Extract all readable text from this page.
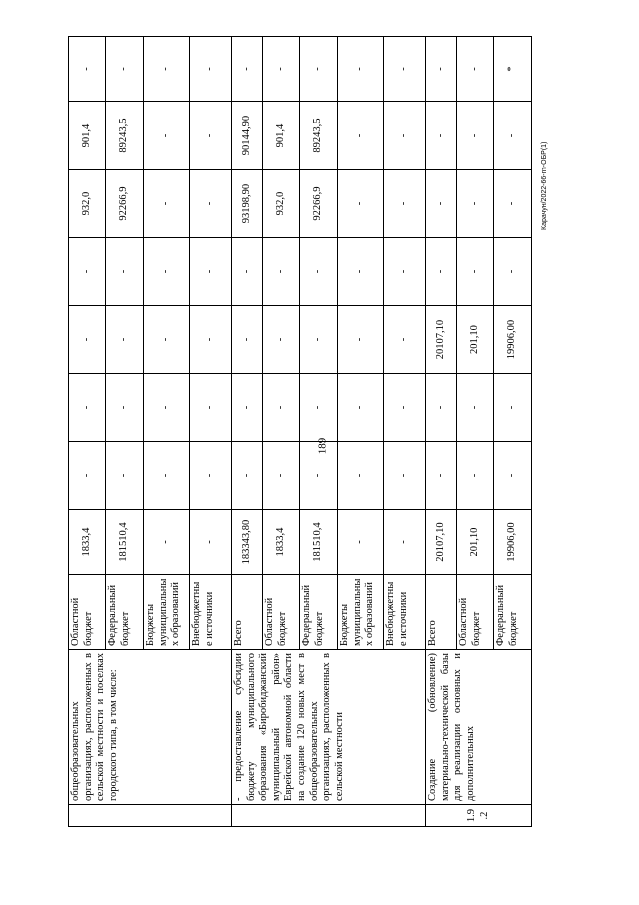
189
Карачун/2022-66-rn-ОБР(1)
	общеобразовательных организациях, расположенных в сельской местности и поселках городского типа, в том числе:	Областной бюджет	1833,4	-	-	-	-	932,0	901,4	-
		Федеральный бюджет	181510,4	-	-	-	-	92266,9	89243,5	-
		Бюджеты муниципальных образований	-	-	-	-	-	-	-	-
		Внебюджетные источники	-	-	-	-	-	-	-	-
	- предоставление субсидии бюджету муниципального образования «Биробиджанский муниципальный район» Еврейской автономной области на создание 120 новых мест в общеобразовательных организациях, расположенных в сельской местности	Всего	183343,80	-	-	-	-	93198,90	90144,90	-
		Областной бюджет	1833,4	-	-	-	-	932,0	901,4	-
		Федеральный бюджет	181510,4	-	-	-	-	92266,9	89243,5	-
		Бюджеты муниципальных образований	-	-	-	-	-	-	-	-
		Внебюджетные источники	-	-	-	-	-	-	-	-
1.9.2	Создание (обновление) материально-технической базы для реализации основных и дополнительных	Всего	20107,10	-	-	20107,10	-	-	-	-
		Областной бюджет	201,10	-	-	201,10	-	-	-	-
		Федеральный бюджет	19906,00	-	-	19906,00	-	-	-	*
